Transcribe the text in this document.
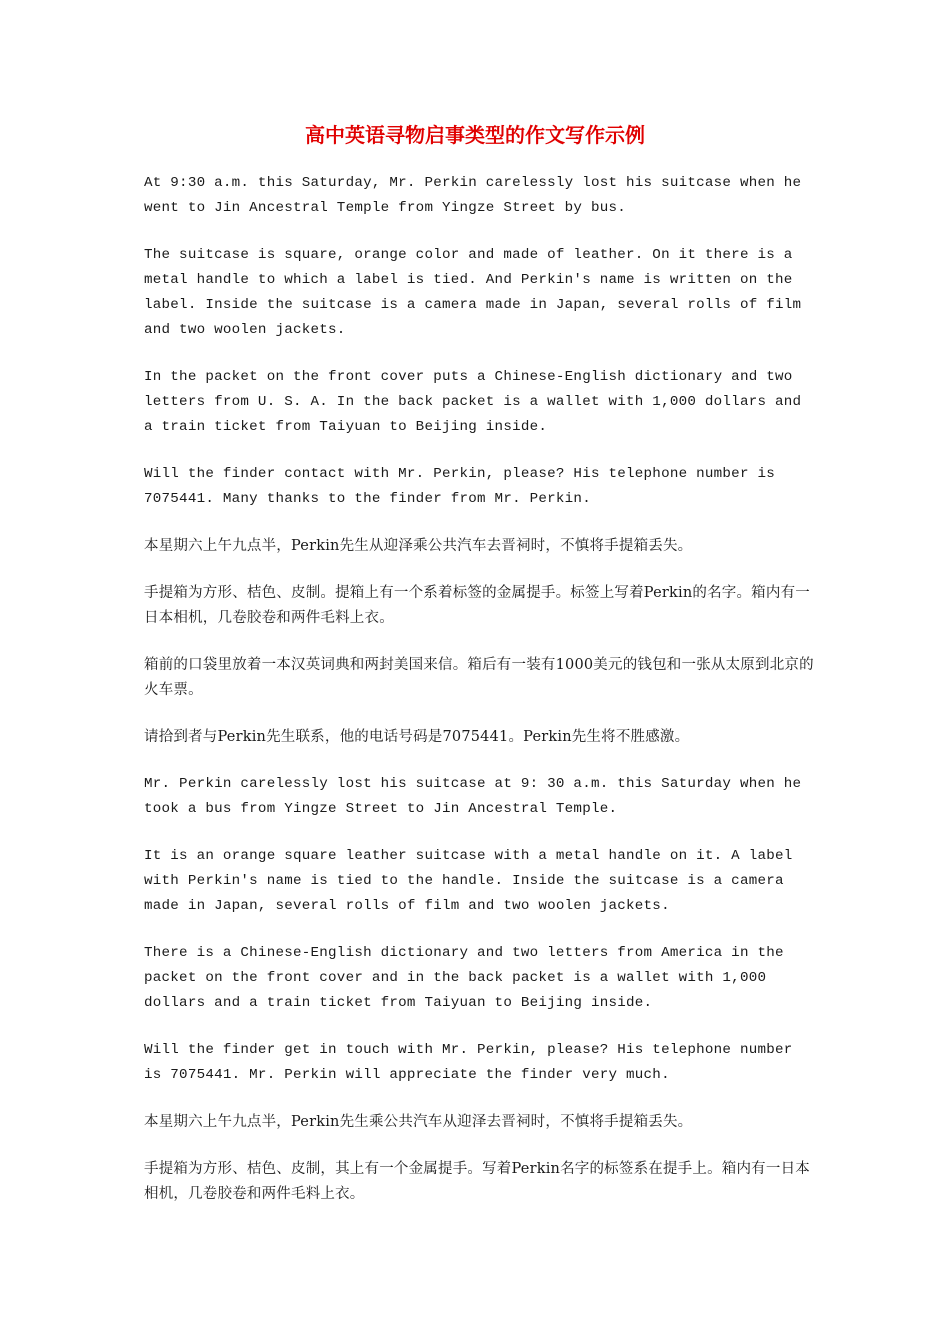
高中英语寻物启事类型的作文写作示例

At 9:30 a.m. this Saturday, Mr. Perkin carelessly lost his suitcase when he went to Jin Ancestral Temple from Yingze Street by bus.

The suitcase is square, orange color and made of leather. On it there is a metal handle to which a label is tied. And Perkin's name is written on the label. Inside the suitcase is a camera made in Japan, several rolls of film and two woolen jackets.

In the packet on the front cover puts a Chinese-English dictionary and two letters from U. S. A. In the back packet is a wallet with 1,000 dollars and a train ticket from Taiyuan to Beijing inside.

Will the finder contact with Mr. Perkin, please? His telephone number is 7075441. Many thanks to the finder from Mr. Perkin.

本星期六上午九点半，Perkin先生从迎泽乘公共汽车去晋祠时，不慎将手提箱丢失。

手提箱为方形、桔色、皮制。提箱上有一个系着标签的金属提手。标签上写着Perkin的名字。箱内有一日本相机，几卷胶卷和两件毛料上衣。

箱前的口袋里放着一本汉英词典和两封美国来信。箱后有一装有1000美元的钱包和一张从太原到北京的火车票。

请拾到者与Perkin先生联系，他的电话号码是7075441。Perkin先生将不胜感激。

Mr. Perkin carelessly lost his suitcase at 9: 30 a.m. this Saturday when he took a bus from Yingze Street to Jin Ancestral Temple.

It is an orange square leather suitcase with a metal handle on it. A label with Perkin's name is tied to the handle. Inside the suitcase is a camera made in Japan, several rolls of film and two woolen jackets.

There is a Chinese-English dictionary and two letters from America in the packet on the front cover and in the back packet is a wallet with 1,000 dollars and a train ticket from Taiyuan to Beijing inside.

Will the finder get in touch with Mr. Perkin, please? His telephone number is 7075441. Mr. Perkin will appreciate the finder very much.

本星期六上午九点半，Perkin先生乘公共汽车从迎泽去晋祠时，不慎将手提箱丢失。

手提箱为方形、桔色、皮制，其上有一个金属提手。写着Perkin名字的标签系在提手上。箱内有一日本相机，几卷胶卷和两件毛料上衣。
